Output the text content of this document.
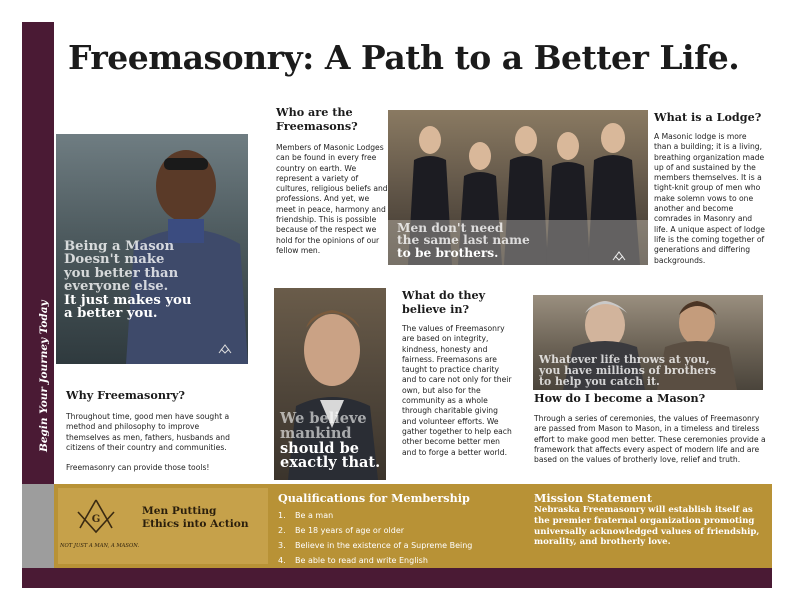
Begin Your Journey Today
Freemasonry: A Path to a Better Life.
Being a Mason
Doesn't make
you better than
everyone else.
It just makes you
a better you.
Who are the Freemasons?
Members of Masonic Lodges can be found in every free country on earth. We represent a variety of cultures, religious beliefs and professions. And yet, we meet in peace, harmony and friendship. This is possible because of the respect we hold for the opinions of our fellow men.
Men don't need
the same last name
to be brothers.
What is a Lodge?
A Masonic lodge is more than a building; it is a living, breathing organization made up of and sustained by the members themselves. It is a tight-knit group of men who make solemn vows to one another and become comrades in Masonry and life. A unique aspect of lodge life is the coming together of generations and differing backgrounds.
We believe
mankind
should be
exactly that.
What do they believe in?
The values of Freemasonry are based on integrity, kindness, honesty and fairness. Freemasons are taught to practice charity and to care not only for their own, but also for the community as a whole through charitable giving and volunteer efforts. We gather together to help each other become better men and to forge a better world.
Whatever life throws at you,
you have millions of brothers
to help you catch it.
Why Freemasonry?
Throughout time, good men have sought a method and philosophy to improve themselves as men, fathers, husbands and citizens of their country and communities.
Freemasonry can provide those tools!
How do I become a Mason?
Through a series of ceremonies, the values of Freemasonry are passed from Mason to Mason, in a timeless and tireless effort to make good men better. These ceremonies provide a framework that affects every aspect of modern life and are based on the values of brotherly love, relief and truth.
G
Men Putting
Ethics into Action
NOT JUST A MAN, A MASON.
Qualifications for Membership
1. Be a man
2. Be 18 years of age or older
3. Believe in the existence of a Supreme Being
4. Be able to read and write English
Mission Statement
Nebraska Freemasonry will establish itself as the premier fraternal organization promoting universally acknowledged values of friendship, morality, and brotherly love.
